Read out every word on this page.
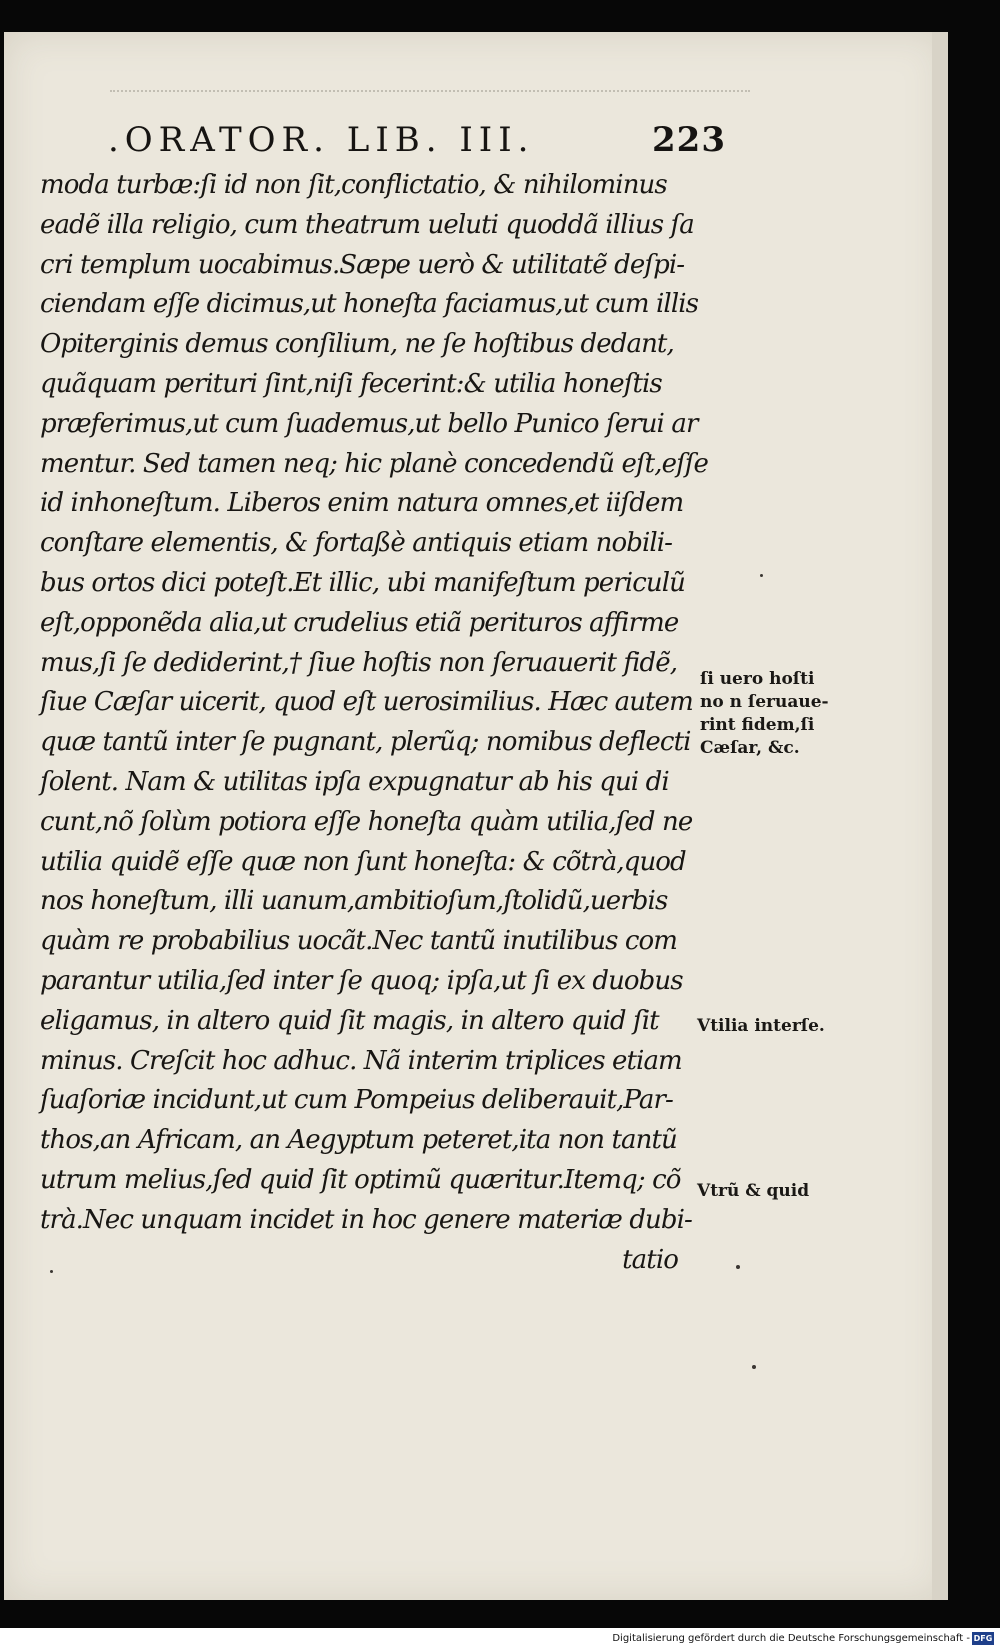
.ORATOR. LIB. III.	223
moda turbæ:ſi id non ſit,conflictatio, & nihilominus
eadẽ illa religio, cum theatrum ueluti quoddã illius ſa
cri templum uocabimus.Sæpe uerò & utilitatẽ deſpi-
ciendam eſſe dicimus,ut honeſta faciamus,ut cum illis
Opiterginis demus conſilium, ne ſe hoſtibus dedant,
quãquam perituri ſint,niſi fecerint:& utilia honeſtis
præferimus,ut cum ſuademus,ut bello Punico ſerui ar
mentur. Sed tamen neq; hic planè concedendũ eſt,eſſe
id inhoneſtum. Liberos enim natura omnes,et iiſdem
conſtare elementis, & fortaßè antiquis etiam nobili-
bus ortos dici poteſt.Et illic, ubi manifeſtum periculũ
eſt,opponẽda alia,ut crudelius etiã perituros affirme
mus,ſi ſe dediderint,† ſiue hoſtis non ſeruauerit fidẽ,
ſiue Cæſar uicerit, quod eſt uerosimilius. Hæc autem
quæ tantũ inter ſe pugnant, plerũq; nomibus deflecti
ſolent. Nam & utilitas ipſa expugnatur ab his qui di
cunt,nõ ſolùm potiora eſſe honeſta quàm utilia,ſed ne
utilia quidẽ eſſe quæ non ſunt honeſta: & cõtrà,quod
nos honeſtum, illi uanum,ambitioſum,ſtolidũ,uerbis
quàm re probabilius uocãt.Nec tantũ inutilibus com
parantur utilia,ſed inter ſe quoq; ipſa,ut ſi ex duobus
eligamus, in altero quid ſit magis, in altero quid ſit
minus. Creſcit hoc adhuc. Nã interim triplices etiam
ſuaſoriæ incidunt,ut cum Pompeius deliberauit,Par-
thos,an Africam, an Aegyptum peteret,ita non tantũ
utrum melius,ſed quid ſit optimũ quæritur.Itemq; cõ
trà.Nec unquam incidet in hoc genere materiæ dubi-
tatio
ſi uero hoſti
no n ſeruaue-
rint fidem,ſi
Cæſar, &c.
Vtilia interſe.
Vtrũ & quid
Digitalisierung gefördert durch die Deutsche Forschungsgemeinschaft - DFG
